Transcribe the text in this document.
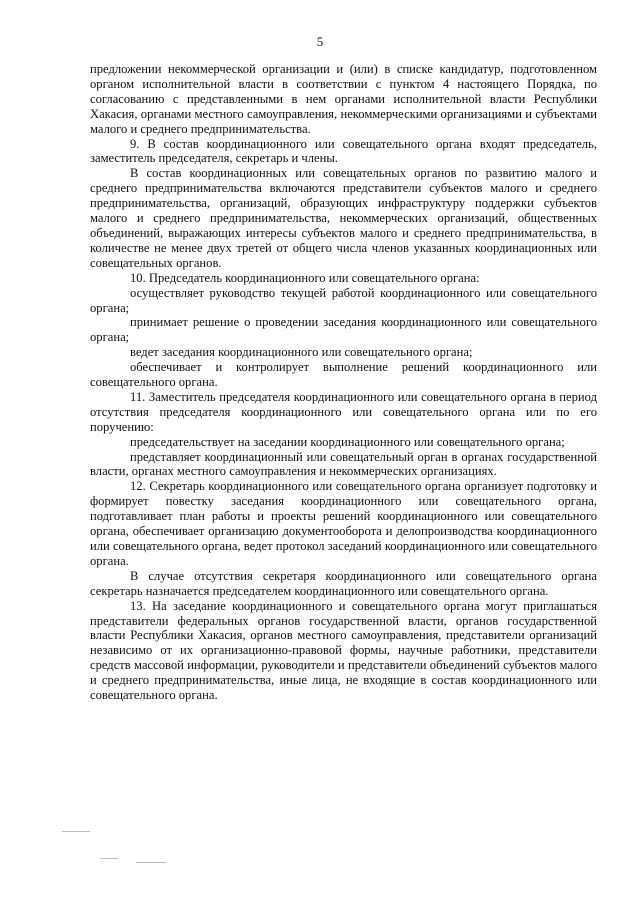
5

предложении некоммерческой организации и (или) в списке кандидатур, подготовленном органом исполнительной власти в соответствии с пунктом 4 настоящего Порядка, по согласованию с представленными в нем органами исполнительной власти Республики Хакасия, органами местного самоуправления, некоммерческими организациями и субъектами малого и среднего предпринимательства.

9. В состав координационного или совещательного органа входят председатель, заместитель председателя, секретарь и члены.

В состав координационных или совещательных органов по развитию малого и среднего предпринимательства включаются представители субъектов малого и среднего предпринимательства, организаций, образующих инфраструктуру поддержки субъектов малого и среднего предпринимательства, некоммерческих организаций, общественных объединений, выражающих интересы субъектов малого и среднего предпринимательства, в количестве не менее двух третей от общего числа членов указанных координационных или совещательных органов.

10. Председатель координационного или совещательного органа:

осуществляет руководство текущей работой координационного или совещательного органа;

принимает решение о проведении заседания координационного или совещательного органа;

ведет заседания координационного или совещательного органа;

обеспечивает и контролирует выполнение решений координационного или совещательного органа.

11. Заместитель председателя координационного или совещательного органа в период отсутствия председателя координационного или совещательного органа или по его поручению:

председательствует на заседании координационного или совещательного органа;

представляет координационный или совещательный орган в органах государственной власти, органах местного самоуправления и некоммерческих организациях.

12. Секретарь координационного или совещательного органа организует подготовку и формирует повестку заседания координационного или совещательного органа, подготавливает план работы и проекты решений координационного или совещательного органа, обеспечивает организацию документооборота и делопроизводства координационного или совещательного органа, ведет протокол заседаний координационного или совещательного органа.

В случае отсутствия секретаря координационного или совещательного органа секретарь назначается председателем координационного или совещательного органа.

13. На заседание координационного и совещательного органа могут приглашаться представители федеральных органов государственной власти, органов государственной власти Республики Хакасия, органов местного самоуправления, представители организаций независимо от их организационно-правовой формы, научные работники, представители средств массовой информации, руководители и представители объединений субъектов малого и среднего предпринимательства, иные лица, не входящие в состав координационного или совещательного органа.
